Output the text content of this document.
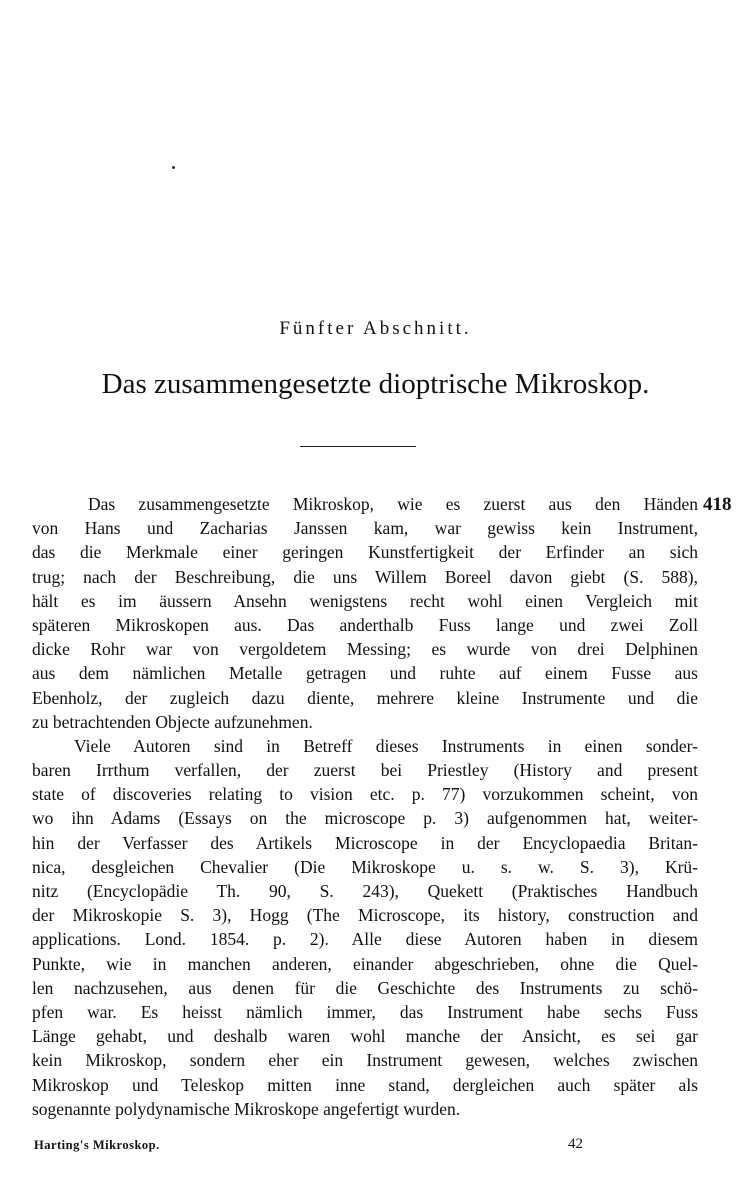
Fünfter Abschnitt.
Das zusammengesetzte dioptrische Mikroskop.
418
Das zusammengesetzte Mikroskop, wie es zuerst aus den Händen
von Hans und Zacharias Janssen kam, war gewiss kein Instrument,
das die Merkmale einer geringen Kunstfertigkeit der Erfinder an sich
trug; nach der Beschreibung, die uns Willem Boreel davon giebt (S. 588),
hält es im äussern Ansehn wenigstens recht wohl einen Vergleich mit
späteren Mikroskopen aus. Das anderthalb Fuss lange und zwei Zoll
dicke Rohr war von vergoldetem Messing; es wurde von drei Delphinen
aus dem nämlichen Metalle getragen und ruhte auf einem Fusse aus
Ebenholz, der zugleich dazu diente, mehrere kleine Instrumente und die
zu betrachtenden Objecte aufzunehmen.
Viele Autoren sind in Betreff dieses Instruments in einen sonder-
baren Irrthum verfallen, der zuerst bei Priestley (History and present
state of discoveries relating to vision etc. p. 77) vorzukommen scheint, von
wo ihn Adams (Essays on the microscope p. 3) aufgenommen hat, weiter-
hin der Verfasser des Artikels Microscope in der Encyclopaedia Britan-
nica, desgleichen Chevalier (Die Mikroskope u. s. w. S. 3), Krü-
nitz (Encyclopädie Th. 90, S. 243), Quekett (Praktisches Handbuch
der Mikroskopie S. 3), Hogg (The Microscope, its history, construction and
applications. Lond. 1854. p. 2). Alle diese Autoren haben in diesem
Punkte, wie in manchen anderen, einander abgeschrieben, ohne die Quel-
len nachzusehen, aus denen für die Geschichte des Instruments zu schö-
pfen war. Es heisst nämlich immer, das Instrument habe sechs Fuss
Länge gehabt, und deshalb waren wohl manche der Ansicht, es sei gar
kein Mikroskop, sondern eher ein Instrument gewesen, welches zwischen
Mikroskop und Teleskop mitten inne stand, dergleichen auch später als
sogenannte polydynamische Mikroskope angefertigt wurden.
Harting's Mikroskop.	42
